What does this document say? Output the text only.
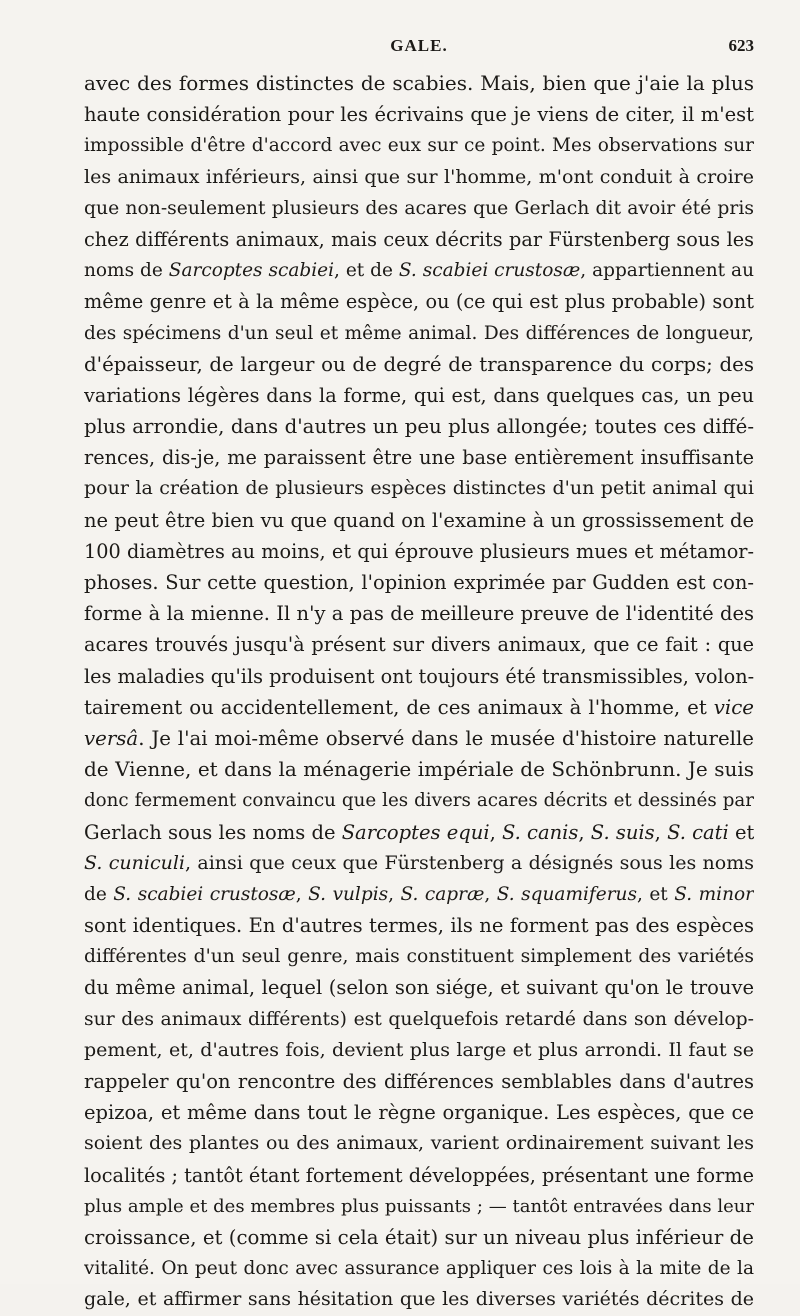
GALE.	623
avec des formes distinctes de scabies. Mais, bien que j'aie la plus
haute considération pour les écrivains que je viens de citer, il m'est
impossible d'être d'accord avec eux sur ce point. Mes observations sur
les animaux inférieurs, ainsi que sur l'homme, m'ont conduit à croire
que non-seulement plusieurs des acares que Gerlach dit avoir été pris
chez différents animaux, mais ceux décrits par Fürstenberg sous les
noms de Sarcoptes scabiei, et de S. scabiei crustosæ, appartiennent au
même genre et à la même espèce, ou (ce qui est plus probable) sont
des spécimens d'un seul et même animal. Des différences de longueur,
d'épaisseur, de largeur ou de degré de transparence du corps; des
variations légères dans la forme, qui est, dans quelques cas, un peu
plus arrondie, dans d'autres un peu plus allongée; toutes ces diffé-
rences, dis-je, me paraissent être une base entièrement insuffisante
pour la création de plusieurs espèces distinctes d'un petit animal qui
ne peut être bien vu que quand on l'examine à un grossissement de
100 diamètres au moins, et qui éprouve plusieurs mues et métamor-
phoses. Sur cette question, l'opinion exprimée par Gudden est con-
forme à la mienne. Il n'y a pas de meilleure preuve de l'identité des
acares trouvés jusqu'à présent sur divers animaux, que ce fait : que
les maladies qu'ils produisent ont toujours été transmissibles, volon-
tairement ou accidentellement, de ces animaux à l'homme, et vice
versâ. Je l'ai moi-même observé dans le musée d'histoire naturelle
de Vienne, et dans la ménagerie impériale de Schönbrunn. Je suis
donc fermement convaincu que les divers acares décrits et dessinés par
Gerlach sous les noms de Sarcoptes equi, S. canis, S. suis, S. cati et
S. cuniculi, ainsi que ceux que Fürstenberg a désignés sous les noms
de S. scabiei crustosæ, S. vulpis, S. capræ, S. squamiferus, et S. minor
sont identiques. En d'autres termes, ils ne forment pas des espèces
différentes d'un seul genre, mais constituent simplement des variétés
du même animal, lequel (selon son siége, et suivant qu'on le trouve
sur des animaux différents) est quelquefois retardé dans son dévelop-
pement, et, d'autres fois, devient plus large et plus arrondi. Il faut se
rappeler qu'on rencontre des différences semblables dans d'autres
epizoa, et même dans tout le règne organique. Les espèces, que ce
soient des plantes ou des animaux, varient ordinairement suivant les
localités ; tantôt étant fortement développées, présentant une forme
plus ample et des membres plus puissants ; — tantôt entravées dans leur
croissance, et (comme si cela était) sur un niveau plus inférieur de
vitalité. On peut donc avec assurance appliquer ces lois à la mite de la
gale, et affirmer sans hésitation que les diverses variétés décrites de
